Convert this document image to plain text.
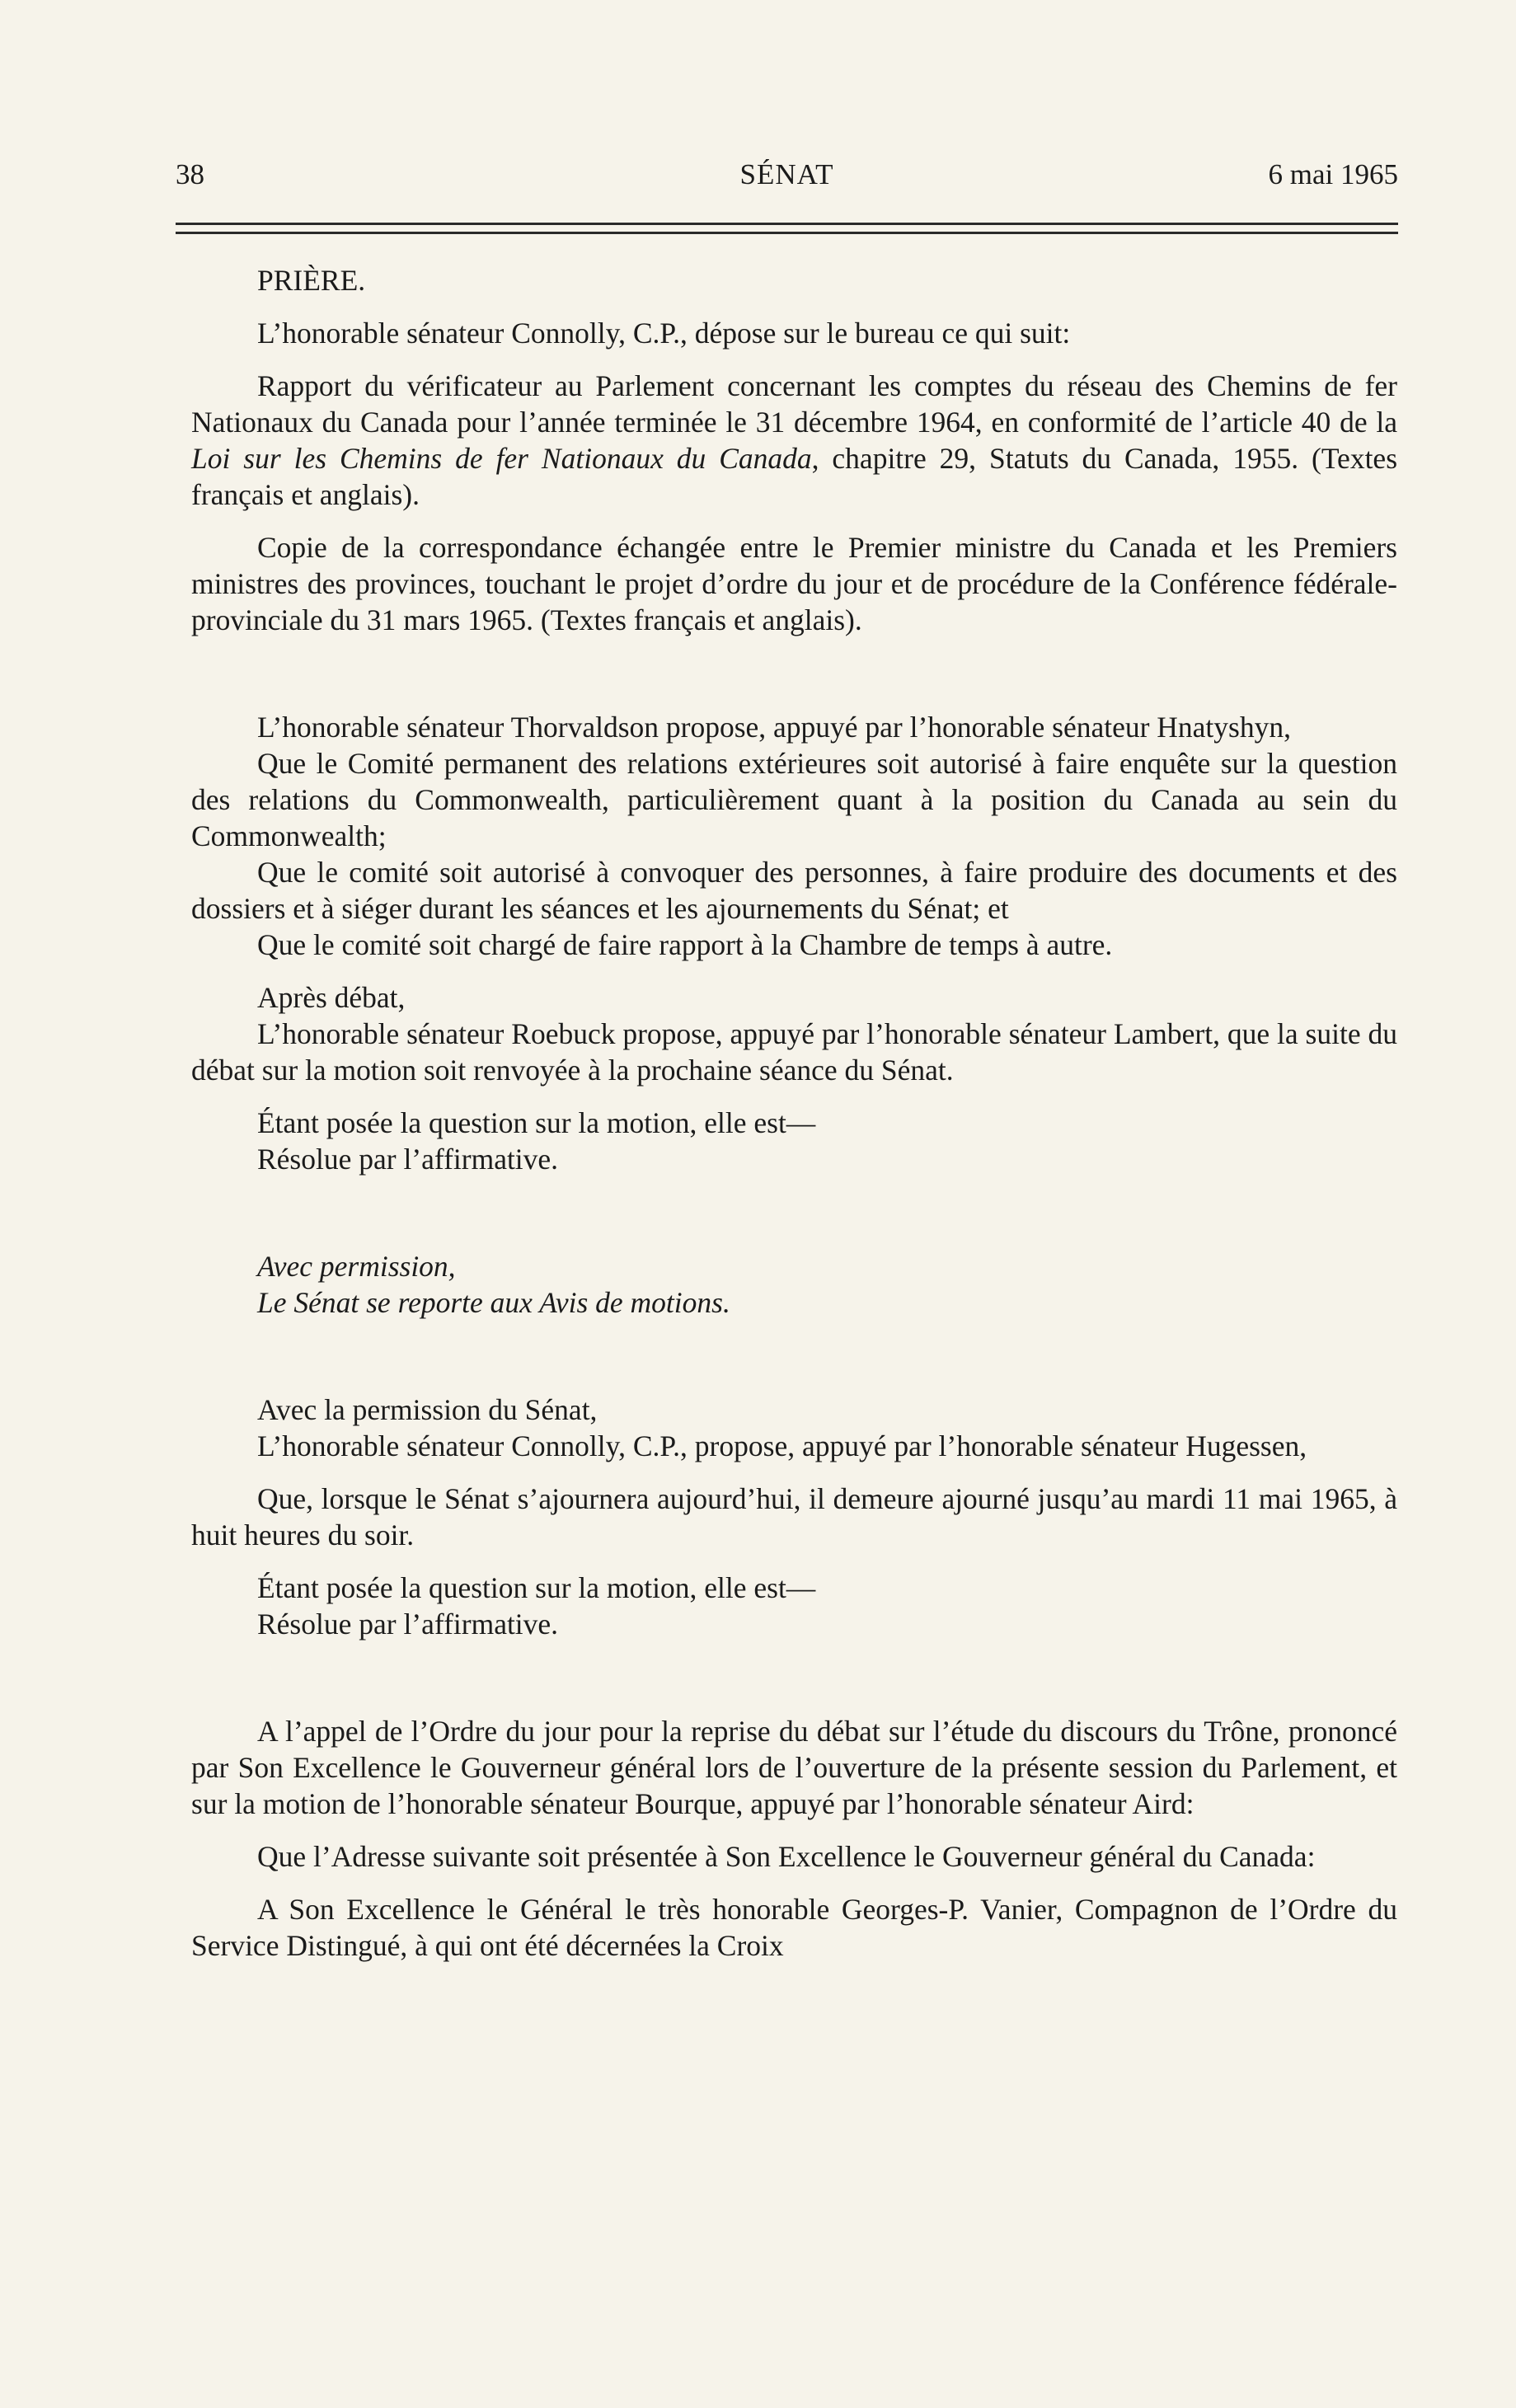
38	SÉNAT	6 mai 1965

PRIÈRE.

L’honorable sénateur Connolly, C.P., dépose sur le bureau ce qui suit:

Rapport du vérificateur au Parlement concernant les comptes du réseau des Chemins de fer Nationaux du Canada pour l’année terminée le 31 décembre 1964, en conformité de l’article 40 de la Loi sur les Chemins de fer Nationaux du Canada, chapitre 29, Statuts du Canada, 1955. (Textes français et anglais).

Copie de la correspondance échangée entre le Premier ministre du Canada et les Premiers ministres des provinces, touchant le projet d’ordre du jour et de procédure de la Conférence fédérale-provinciale du 31 mars 1965. (Textes français et anglais).

L’honorable sénateur Thorvaldson propose, appuyé par l’honorable sénateur Hnatyshyn,

Que le Comité permanent des relations extérieures soit autorisé à faire enquête sur la question des relations du Commonwealth, particulièrement quant à la position du Canada au sein du Commonwealth;

Que le comité soit autorisé à convoquer des personnes, à faire produire des documents et des dossiers et à siéger durant les séances et les ajournements du Sénat; et

Que le comité soit chargé de faire rapport à la Chambre de temps à autre.

Après débat,

L’honorable sénateur Roebuck propose, appuyé par l’honorable sénateur Lambert, que la suite du débat sur la motion soit renvoyée à la prochaine séance du Sénat.

Étant posée la question sur la motion, elle est—

Résolue par l’affirmative.

Avec permission,

Le Sénat se reporte aux Avis de motions.

Avec la permission du Sénat,

L’honorable sénateur Connolly, C.P., propose, appuyé par l’honorable sénateur Hugessen,

Que, lorsque le Sénat s’ajournera aujourd’hui, il demeure ajourné jusqu’au mardi 11 mai 1965, à huit heures du soir.

Étant posée la question sur la motion, elle est—

Résolue par l’affirmative.

A l’appel de l’Ordre du jour pour la reprise du débat sur l’étude du discours du Trône, prononcé par Son Excellence le Gouverneur général lors de l’ouverture de la présente session du Parlement, et sur la motion de l’honorable sénateur Bourque, appuyé par l’honorable sénateur Aird:

Que l’Adresse suivante soit présentée à Son Excellence le Gouverneur général du Canada:

A Son Excellence le Général le très honorable Georges-P. Vanier, Compagnon de l’Ordre du Service Distingué, à qui ont été décernées la Croix
